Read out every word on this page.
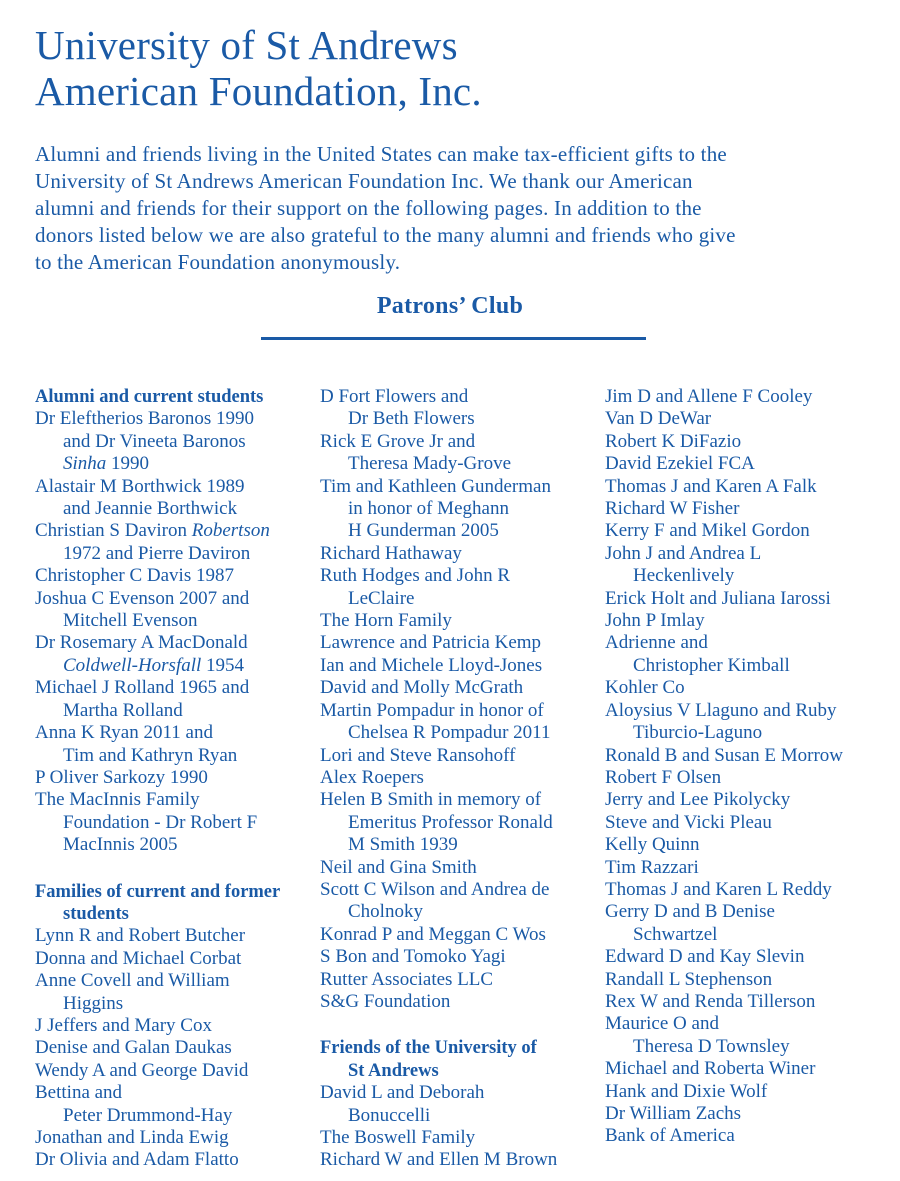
University of St Andrews
American Foundation, Inc.
Alumni and friends living in the United States can make tax-efficient gifts to the
University of St Andrews American Foundation Inc. We thank our American
alumni and friends for their support on the following pages. In addition to the
donors listed below we are also grateful to the many alumni and friends who give
to the American Foundation anonymously.
Patrons’ Club
Alumni and current students
Dr Eleftherios Baronos 1990
and Dr Vineeta Baronos
Sinha 1990
Alastair M Borthwick 1989
and Jeannie Borthwick
Christian S Daviron Robertson
1972 and Pierre Daviron
Christopher C Davis 1987
Joshua C Evenson 2007 and
Mitchell Evenson
Dr Rosemary A MacDonald
Coldwell-Horsfall 1954
Michael J Rolland 1965 and
Martha Rolland
Anna K Ryan 2011 and
Tim and Kathryn Ryan
P Oliver Sarkozy 1990
The MacInnis Family
Foundation - Dr Robert F
MacInnis 2005
Families of current and former
students
Lynn R and Robert Butcher
Donna and Michael Corbat
Anne Covell and William
Higgins
J Jeffers and Mary Cox
Denise and Galan Daukas
Wendy A and George David
Bettina and
Peter Drummond-Hay
Jonathan and Linda Ewig
Dr Olivia and Adam Flatto
D Fort Flowers and
Dr Beth Flowers
Rick E Grove Jr and
Theresa Mady-Grove
Tim and Kathleen Gunderman
in honor of Meghann
H Gunderman 2005
Richard Hathaway
Ruth Hodges and John R
LeClaire
The Horn Family
Lawrence and Patricia Kemp
Ian and Michele Lloyd-Jones
David and Molly McGrath
Martin Pompadur in honor of
Chelsea R Pompadur 2011
Lori and Steve Ransohoff
Alex Roepers
Helen B Smith in memory of
Emeritus Professor Ronald
M Smith 1939
Neil and Gina Smith
Scott C Wilson and Andrea de
Cholnoky
Konrad P and Meggan C Wos
S Bon and Tomoko Yagi
Rutter Associates LLC
S&G Foundation
Friends of the University of
St Andrews
David L and Deborah
Bonuccelli
The Boswell Family
Richard W and Ellen M Brown
Jim D and Allene F Cooley
Van D DeWar
Robert K DiFazio
David Ezekiel FCA
Thomas J and Karen A Falk
Richard W Fisher
Kerry F and Mikel Gordon
John J and Andrea L
Heckenlively
Erick Holt and Juliana Iarossi
John P Imlay
Adrienne and
Christopher Kimball
Kohler Co
Aloysius V Llaguno and Ruby
Tiburcio-Laguno
Ronald B and Susan E Morrow
Robert F Olsen
Jerry and Lee Pikolycky
Steve and Vicki Pleau
Kelly Quinn
Tim Razzari
Thomas J and Karen L Reddy
Gerry D and B Denise
Schwartzel
Edward D and Kay Slevin
Randall L Stephenson
Rex W and Renda Tillerson
Maurice O and
Theresa D Townsley
Michael and Roberta Winer
Hank and Dixie Wolf
Dr William Zachs
Bank of America
